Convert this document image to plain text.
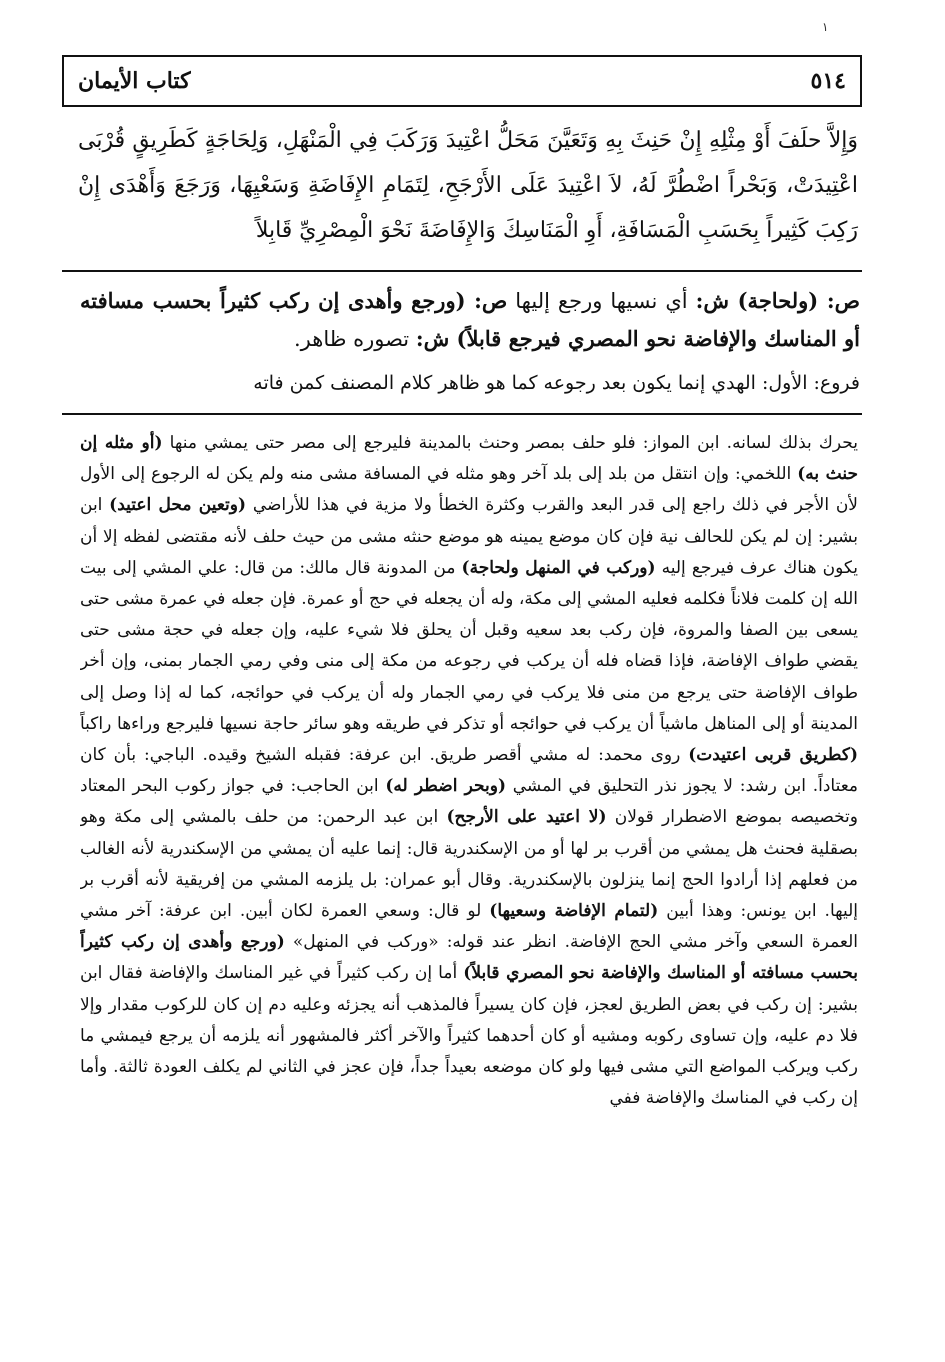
١
كتاب الأيمان	٥١٤
وَإِلاَّ حلَفَ أَوْ مِثْلِهِ إِنْ حَنِثَ بِهِ وَتَعَيَّنَ مَحَلُّ اعْتِيدَ وَرَكَبَ فِي الْمَنْهَلِ، وَلِحَاجَةٍ كَطَرِيقٍ قُرْبَى اعْتِيدَتْ، وَبَحْراً اضْطُرَّ لَهُ، لاَ اعْتِيدَ عَلَى الأَرْجَحِ، لِتَمَامِ الإِفَاضَةِ وَسَعْيِهَا، وَرَجَعَ وَأَهْدَى إِنْ رَكِبَ كَثِيراً بِحَسَبِ الْمَسَافَةِ، أَوِ الْمَنَاسِكَ وَالإِفَاضَةَ نَحْوَ الْمِصْرِيِّ قَابِلاً
ص: (ولحاجة) ش: أي نسيها ورجع إليها ص: (ورجع وأهدى إن ركب كثيراً بحسب مسافته أو المناسك والإفاضة نحو المصري فيرجع قابلاً) ش: تصوره ظاهر.
فروع: الأول: الهدي إنما يكون بعد رجوعه كما هو ظاهر كلام المصنف كمن فاته
يحرك بذلك لسانه. ابن المواز: فلو حلف بمصر وحنث بالمدينة فليرجع إلى مصر حتى يمشي منها (أو مثله إن حنث به) اللخمي: وإن انتقل من بلد إلى بلد آخر وهو مثله في المسافة مشى منه ولم يكن له الرجوع إلى الأول لأن الأجر في ذلك راجع إلى قدر البعد والقرب وكثرة الخطأ ولا مزية في هذا للأراضي (وتعين محل اعتيد) ابن بشير: إن لم يكن للحالف نية فإن كان موضع يمينه هو موضع حنثه مشى من حيث حلف لأنه مقتضى لفظه إلا أن يكون هناك عرف فيرجع إليه (وركب في المنهل ولحاجة) من المدونة قال مالك: من قال: علي المشي إلى بيت الله إن كلمت فلاناً فكلمه فعليه المشي إلى مكة، وله أن يجعله في حج أو عمرة. فإن جعله في عمرة مشى حتى يسعى بين الصفا والمروة، فإن ركب بعد سعيه وقبل أن يحلق فلا شيء عليه، وإن جعله في حجة مشى حتى يقضي طواف الإفاضة، فإذا قضاه فله أن يركب في رجوعه من مكة إلى منى وفي رمي الجمار بمنى، وإن أخر طواف الإفاضة حتى يرجع من منى فلا يركب في رمي الجمار وله أن يركب في حوائجه، كما له إذا وصل إلى المدينة أو إلى المناهل ماشياً أن يركب في حوائجه أو تذكر في طريقه وهو سائر حاجة نسيها فليرجع وراءها راكباً (كطريق قربى اعتيدت) روى محمد: له مشي أقصر طريق. ابن عرفة: فقبله الشيخ وقيده. الباجي: بأن كان معتاداً. ابن رشد: لا يجوز نذر التحليق في المشي (وبحر اضطر له) ابن الحاجب: في جواز ركوب البحر المعتاد وتخصيصه بموضع الاضطرار قولان (لا اعتيد على الأرجح) ابن عبد الرحمن: من حلف بالمشي إلى مكة وهو بصقلية فحنث هل يمشي من أقرب بر لها أو من الإسكندرية قال: إنما عليه أن يمشي من الإسكندرية لأنه الغالب من فعلهم إذا أرادوا الحج إنما ينزلون بالإسكندرية. وقال أبو عمران: بل يلزمه المشي من إفريقية لأنه أقرب بر إليها. ابن يونس: وهذا أبين (لتمام الإفاضة وسعيها) لو قال: وسعي العمرة لكان أبين. ابن عرفة: آخر مشي العمرة السعي وآخر مشي الحج الإفاضة. انظر عند قوله: «وركب في المنهل» (ورجع وأهدى إن ركب كثيراً بحسب مسافته أو المناسك والإفاضة نحو المصري قابلاً) أما إن ركب كثيراً في غير المناسك والإفاضة فقال ابن بشير: إن ركب في بعض الطريق لعجز، فإن كان يسيراً فالمذهب أنه يجزئه وعليه دم إن كان للركوب مقدار وإلا فلا دم عليه، وإن تساوى ركوبه ومشيه أو كان أحدهما كثيراً والآخر أكثر فالمشهور أنه يلزمه أن يرجع فيمشي ما ركب ويركب المواضع التي مشى فيها ولو كان موضعه بعيداً جداً، فإن عجز في الثاني لم يكلف العودة ثالثة. وأما إن ركب في المناسك والإفاضة ففي
